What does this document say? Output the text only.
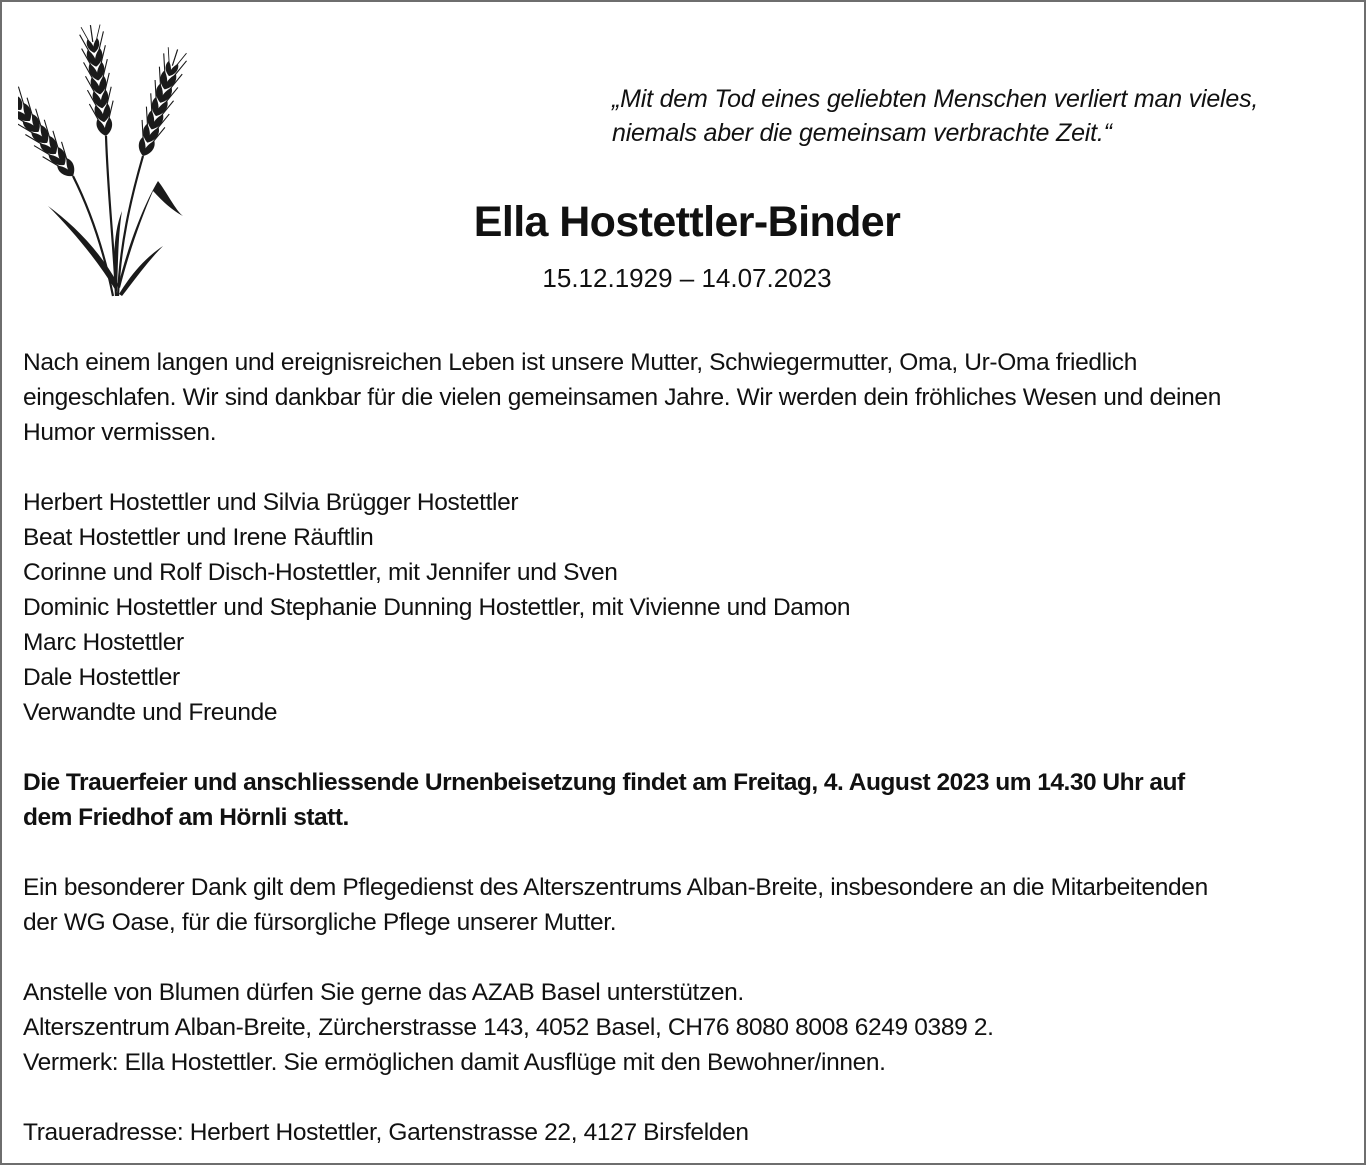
„Mit dem Tod eines geliebten Menschen verliert man vieles,
niemals aber die gemeinsam verbrachte Zeit.“
Ella Hostettler-Binder
15.12.1929 – 14.07.2023

Nach einem langen und ereignisreichen Leben ist unsere Mutter, Schwiegermutter, Oma, Ur-Oma friedlich

eingeschlafen. Wir sind dankbar für die vielen gemeinsamen Jahre. Wir werden dein fröhliches Wesen und deinen

Humor vermissen.

Herbert Hostettler und Silvia Brügger Hostettler

Beat Hostettler und Irene Räuftlin

Corinne und Rolf Disch-Hostettler, mit Jennifer und Sven

Dominic Hostettler und Stephanie Dunning Hostettler, mit Vivienne und Damon

Marc Hostettler

Dale Hostettler

Verwandte und Freunde

Die Trauerfeier und anschliessende Urnenbeisetzung findet am Freitag, 4. August 2023 um 14.30 Uhr auf

dem Friedhof am Hörnli statt.

Ein besonderer Dank gilt dem Pflegedienst des Alterszentrums Alban-Breite, insbesondere an die Mitarbeitenden

der WG Oase, für die fürsorgliche Pflege unserer Mutter.

Anstelle von Blumen dürfen Sie gerne das AZAB Basel unterstützen.

Alterszentrum Alban-Breite, Zürcherstrasse 143, 4052 Basel, CH76 8080 8008 6249 0389 2.

Vermerk: Ella Hostettler. Sie ermöglichen damit Ausflüge mit den Bewohner/innen.

Traueradresse: Herbert Hostettler, Gartenstrasse 22, 4127 Birsfelden
